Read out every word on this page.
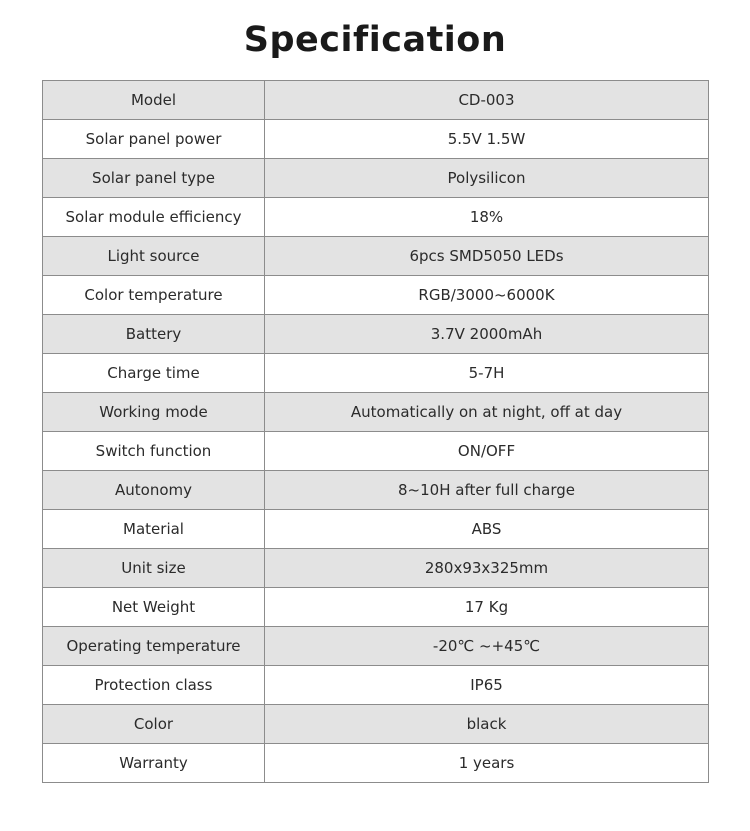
Specification
Model	CD-003
Solar panel power	5.5V 1.5W
Solar panel type	Polysilicon
Solar module efficiency	18%
Light source	6pcs SMD5050 LEDs
Color temperature	RGB/3000~6000K
Battery	3.7V 2000mAh
Charge time	5-7H
Working mode	Automatically on at night, off at day
Switch function	ON/OFF
Autonomy	8~10H after full charge
Material	ABS
Unit size	280x93x325mm
Net Weight	17 Kg
Operating temperature	-20℃ ~+45℃
Protection class	IP65
Color	black
Warranty	1 years
